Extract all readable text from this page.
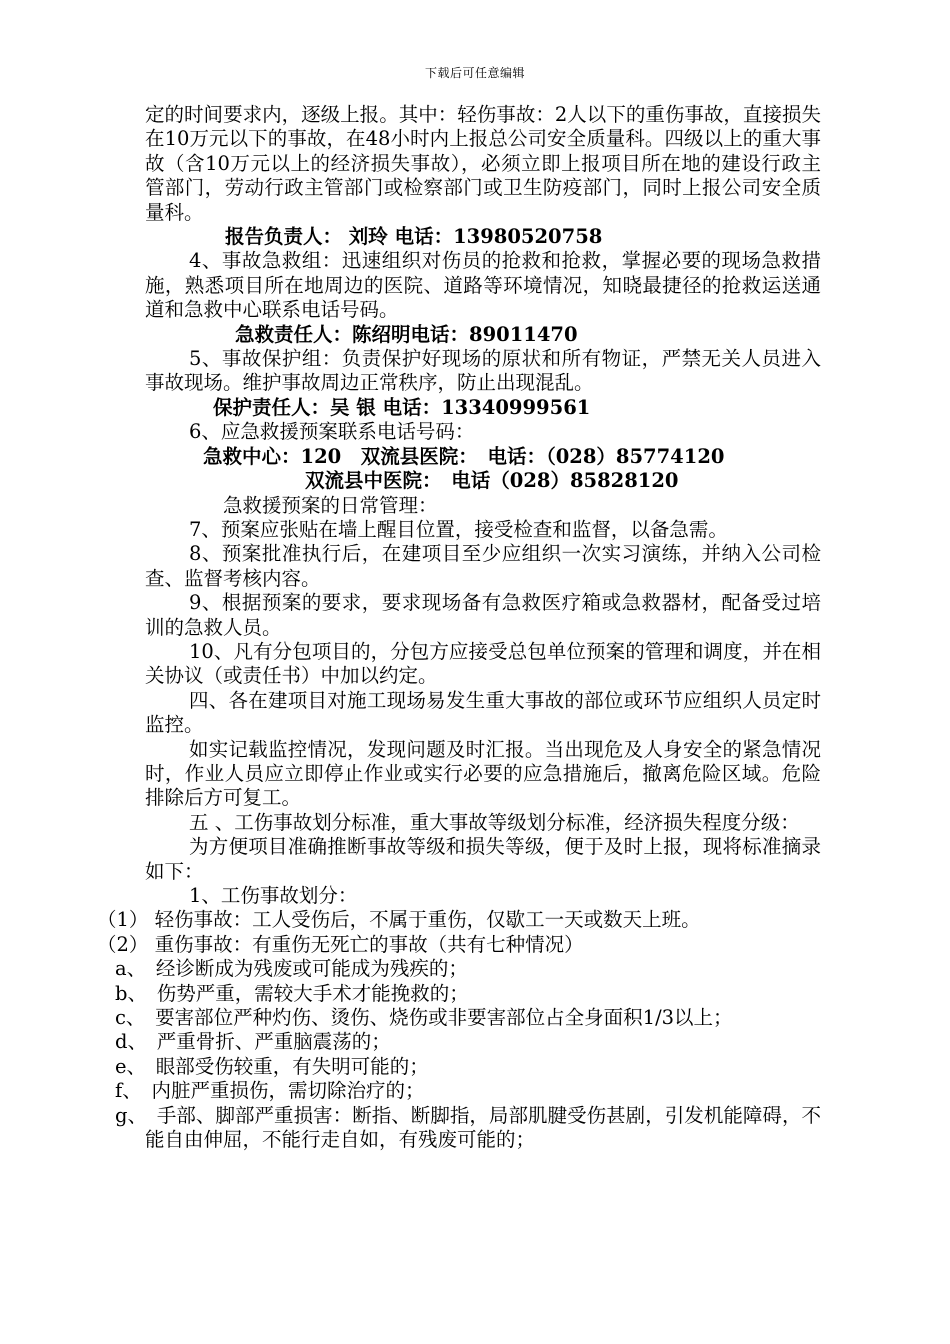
下载后可任意编辑

定的时间要求内，逐级上报。其中：轻伤事故：2人以下的重伤事故，直接损失在10万元以下的事故，在48小时内上报总公司安全质量科。四级以上的重大事故（含10万元以上的经济损失事故），必须立即上报项目所在地的建设行政主管部门，劳动行政主管部门或检察部门或卫生防疫部门，同时上报公司安全质量科。

报告负责人： 刘玲 电话：13980520758

4、事故急救组：迅速组织对伤员的抢救和抢救，掌握必要的现场急救措施，熟悉项目所在地周边的医院、道路等环境情况，知晓最捷径的抢救运送通道和急救中心联系电话号码。

急救责任人：陈绍明电话：89011470

5、事故保护组：负责保护好现场的原状和所有物证，严禁无关人员进入事故现场。维护事故周边正常秩序，防止出现混乱。

保护责任人：吴 银 电话：13340999561

6、应急救援预案联系电话号码：

急救中心：120　双流县医院：　电话：（028）85774120

双流县中医院：　电话（028）85828120

急救援预案的日常管理：

7、预案应张贴在墙上醒目位置，接受检查和监督，以备急需。

8、预案批准执行后，在建项目至少应组织一次实习演练，并纳入公司检查、监督考核内容。

9、根据预案的要求，要求现场备有急救医疗箱或急救器材，配备受过培训的急救人员。

10、凡有分包项目的，分包方应接受总包单位预案的管理和调度，并在相关协议（或责任书）中加以约定。

四、各在建项目对施工现场易发生重大事故的部位或环节应组织人员定时监控。

如实记载监控情况，发现问题及时汇报。当出现危及人身安全的紧急情况时，作业人员应立即停止作业或实行必要的应急措施后，撤离危险区域。危险排除后方可复工。

五 、工伤事故划分标准，重大事故等级划分标准，经济损失程度分级：

为方便项目准确推断事故等级和损失等级，便于及时上报，现将标准摘录如下：

1、工伤事故划分：

（1） 轻伤事故：工人受伤后，不属于重伤，仅歇工一天或数天上班。

（2） 重伤事故：有重伤无死亡的事故（共有七种情况）

a、　经诊断成为残废或可能成为残疾的；

b、　伤势严重，需较大手术才能挽救的；

c、　要害部位严种灼伤、烫伤、烧伤或非要害部位占全身面积1/3以上；

d、　严重骨折、严重脑震荡的；

e、　眼部受伤较重，有失明可能的；

f、　内脏严重损伤，需切除治疗的；

g、　手部、脚部严重损害：断指、断脚指，局部肌腱受伤甚剧，引发机能障碍，不能自由伸屈，不能行走自如，有残废可能的；
